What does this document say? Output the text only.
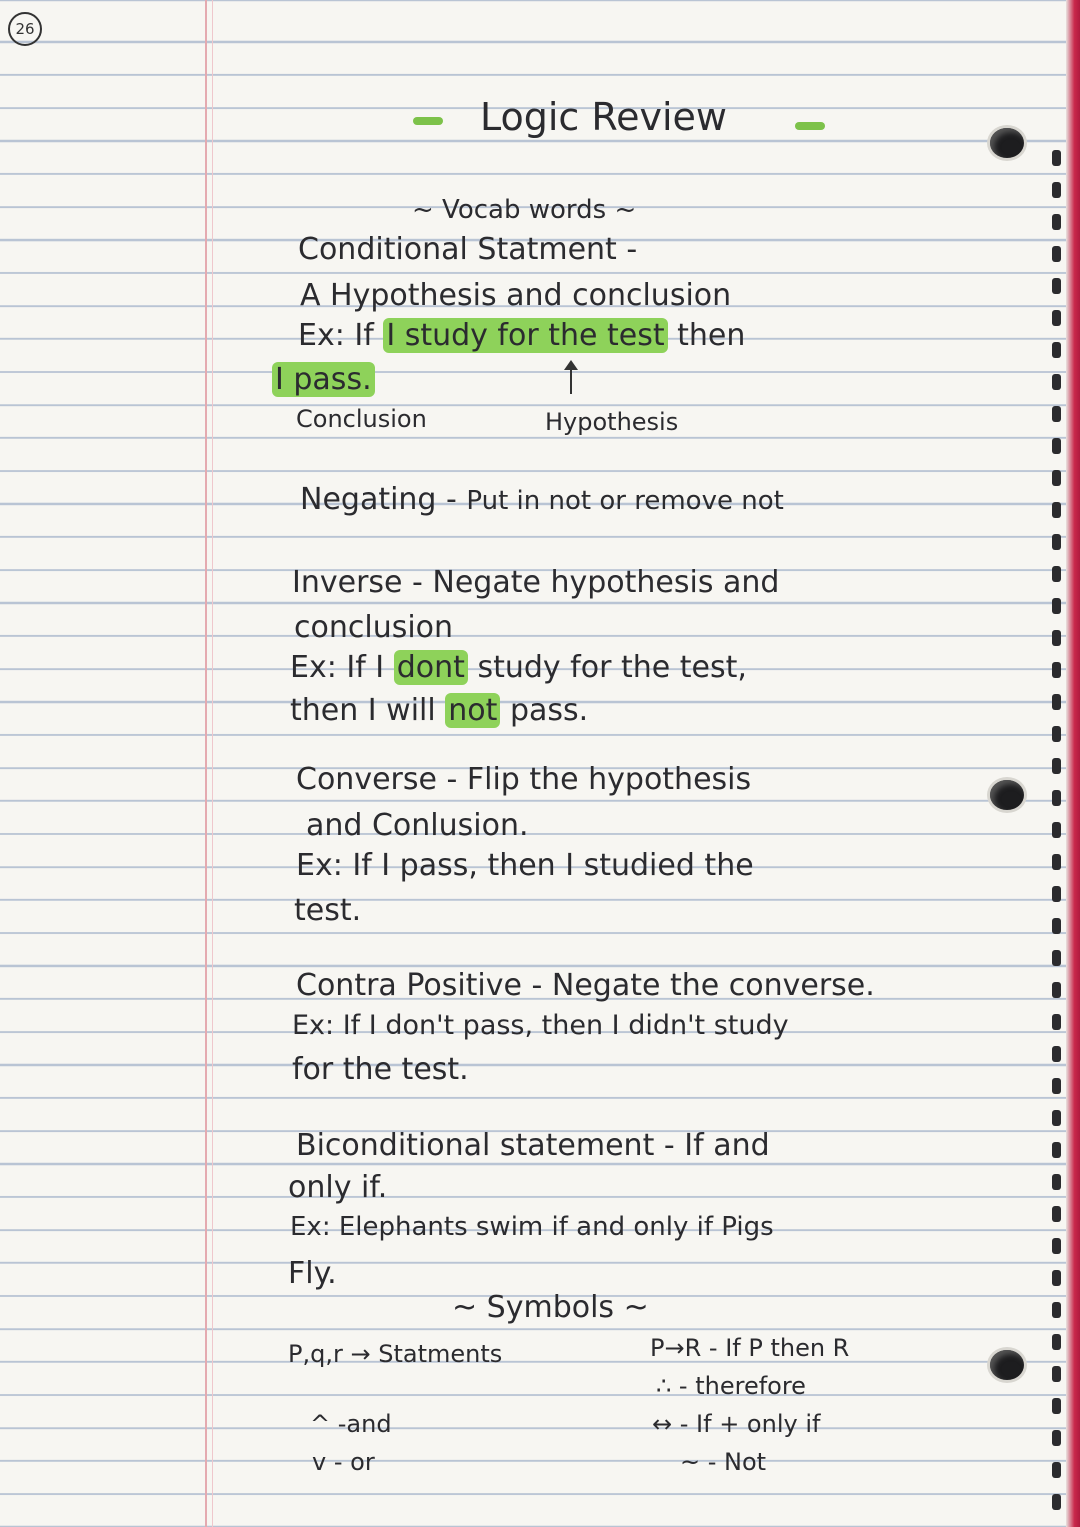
26
Logic Review
~ Vocab words ~
Conditional Statment -
A Hypothesis and conclusion
Ex: If I study for the test then
I pass.
Conclusion	Hypothesis
Negating - Put in not or remove not
Inverse - Negate hypothesis and
conclusion
Ex: If I dont study for the test,
then I will not pass.
Converse - Flip the hypothesis
and Conlusion.
Ex: If I pass, then I studied the
test.
Contra Positive - Negate the converse.
Ex: If I don't pass, then I didn't study
for the test.
Biconditional statement - If and
only if.
Ex: Elephants swim if and only if Pigs
Fly.
~ Symbols ~
P,q,r → Statments
^ -and
v - or
P→R - If P then R
∴ - therefore
↔ - If + only if
~ - Not
